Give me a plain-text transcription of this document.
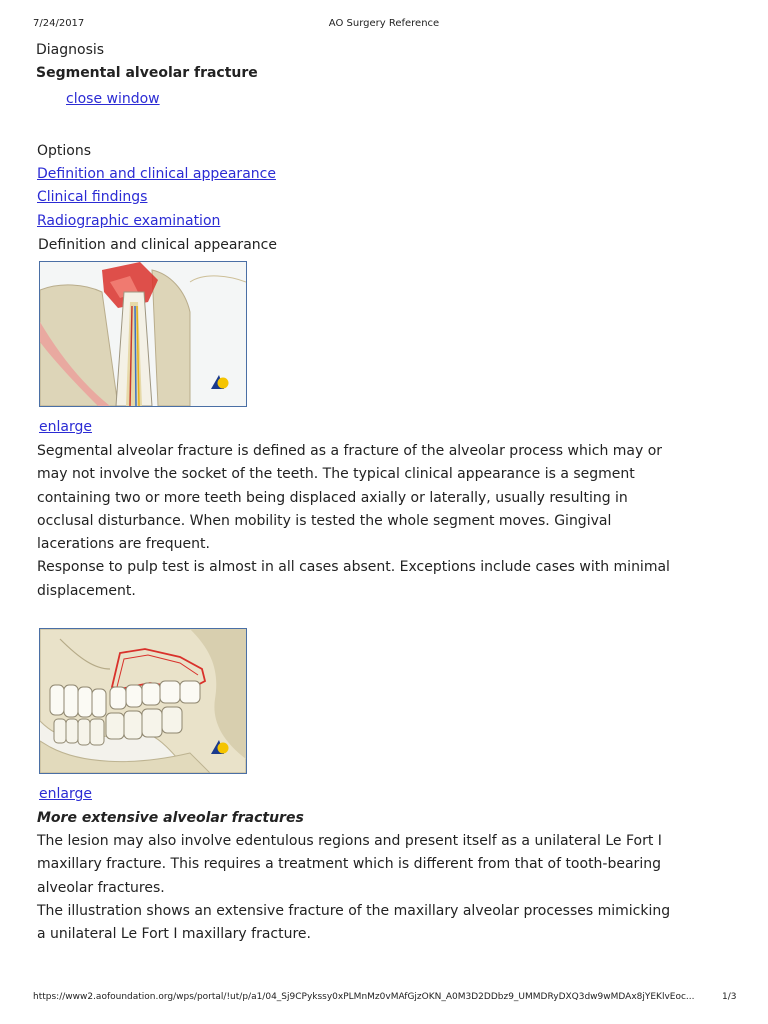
7/24/2017	AO Surgery Reference
Diagnosis
Segmental alveolar fracture
close window
Options
Definition and clinical appearance
Clinical findings
Radiographic examination
Definition and clinical appearance
enlarge

Segmental alveolar fracture is defined as a fracture of the alveolar process which may or may not involve the socket of the teeth. The typical clinical appearance is a segment containing two or more teeth being displaced axially or laterally, usually resulting in occlusal disturbance. When mobility is tested the whole segment moves. Gingival lacerations are frequent.

Response to pulp test is almost in all cases absent. Exceptions include cases with minimal displacement.

enlarge
More extensive alveolar fractures

The lesion may also involve edentulous regions and present itself as a unilateral Le Fort I maxillary fracture. This requires a treatment which is different from that of tooth-bearing alveolar fractures.

The illustration shows an extensive fracture of the maxillary alveolar processes mimicking a unilateral Le Fort I maxillary fracture.

https://www2.aofoundation.org/wps/portal/!ut/p/a1/04_Sj9CPykssy0xPLMnMz0vMAfGjzOKN_A0M3D2DDbz9_UMMDRyDXQ3dw9wMDAx8jYEKlvEoc...	1/3
